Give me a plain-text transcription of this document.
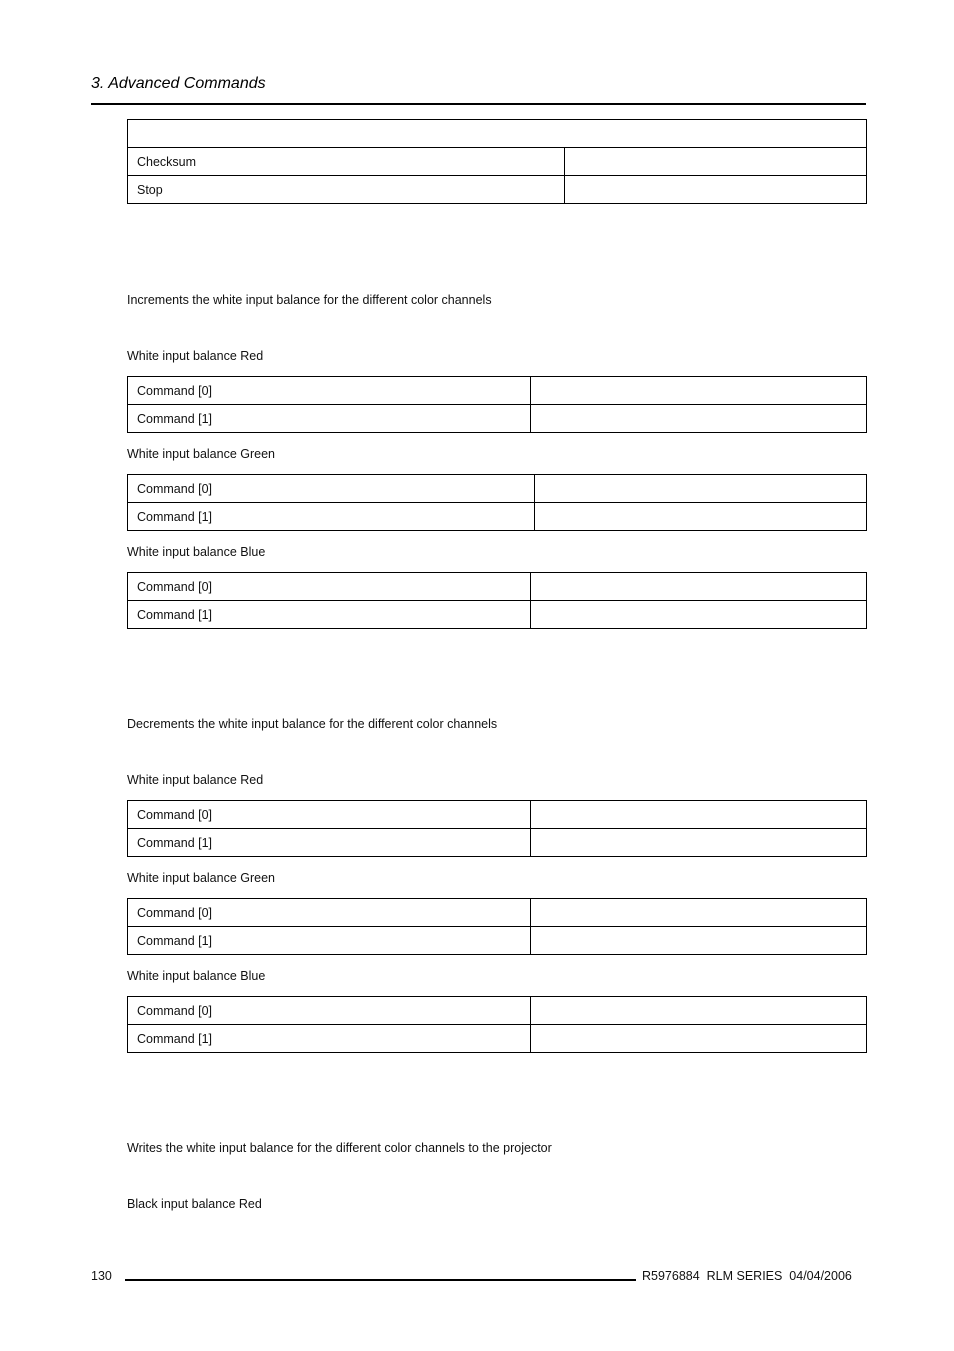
3. Advanced Commands

Checksum	
Stop	
Increments the white input balance for the different color channels
White input balance Red
Command [0]	
Command [1]	
White input balance Green
Command [0]	
Command [1]	
White input balance Blue
Command [0]	
Command [1]	
Decrements the white input balance for the different color channels
White input balance Red
Command [0]	
Command [1]	
White input balance Green
Command [0]	
Command [1]	
White input balance Blue
Command [0]	
Command [1]	
Writes the white input balance for the different color channels to the projector
Black input balance Red
130	R5976884  RLM SERIES  04/04/2006
